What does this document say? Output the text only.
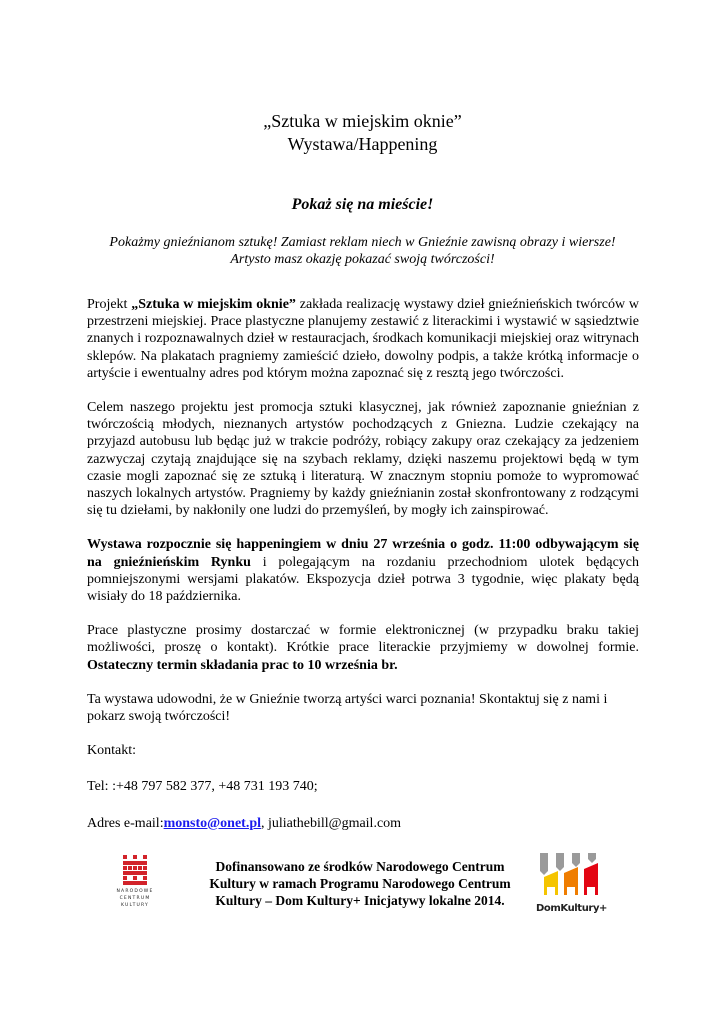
„Sztuka w miejskim oknie”
Wystawa/Happening
Pokaż się na mieście!
Pokażmy gnieźnianom sztukę! Zamiast reklam niech w Gnieźnie zawisną obrazy i wiersze!
Artysto masz okazję pokazać swoją twórczości!

Projekt „Sztuka w miejskim oknie” zakłada realizację wystawy dzieł gnieźnieńskich twórców w przestrzeni miejskiej. Prace plastyczne planujemy zestawić z literackimi i wystawić w sąsiedztwie znanych i rozpoznawalnych dzieł w restauracjach, środkach komunikacji miejskiej oraz witrynach sklepów. Na plakatach pragniemy zamieścić dzieło, dowolny podpis, a także krótką informacje o artyście i ewentualny adres pod którym można zapoznać się z resztą jego twórczości.

Celem naszego projektu jest promocja sztuki klasycznej, jak również zapoznanie gnieźnian z twórczością młodych, nieznanych artystów pochodzących z Gniezna. Ludzie czekający na przyjazd autobusu lub będąc już w trakcie podróży, robiący zakupy oraz czekający za jedzeniem zazwyczaj czytają znajdujące się na szybach reklamy, dzięki naszemu projektowi będą w tym czasie mogli zapoznać się ze sztuką i literaturą. W znacznym stopniu pomoże to wypromować naszych lokalnych artystów. Pragniemy by każdy gnieźnianin został skonfrontowany z rodzącymi się tu dziełami, by nakłonily one ludzi do przemyśleń, by mogły ich zainspirować.

Wystawa rozpocznie się happeningiem w dniu 27 września o godz. 11:00 odbywającym się na gnieźnieńskim Rynku i polegającym na rozdaniu przechodniom ulotek będących pomniejszonymi wersjami plakatów. Ekspozycja dzieł potrwa 3 tygodnie, więc plakaty będą wisiały do 18 października.

Prace plastyczne prosimy dostarczać w formie elektronicznej (w przypadku braku takiej możliwości, proszę o kontakt). Krótkie prace literackie przyjmiemy w dowolnej formie. Ostateczny termin składania prac to 10 września br.

Ta wystawa udowodni, że w Gnieźnie tworzą artyści warci poznania! Skontaktuj się z nami i pokarz swoją twórczości!

Kontakt:

Tel: :+48 797 582 377, +48 731 193 740;

Adres e-mail:monsto@onet.pl, juliathebill@gmail.com

NARODOWE
CENTRUM
KULTURY
Dofinansowano ze środków Narodowego Centrum
Kultury w ramach Programu Narodowego Centrum
Kultury – Dom Kultury+ Inicjatywy lokalne 2014.
DomKultury+
